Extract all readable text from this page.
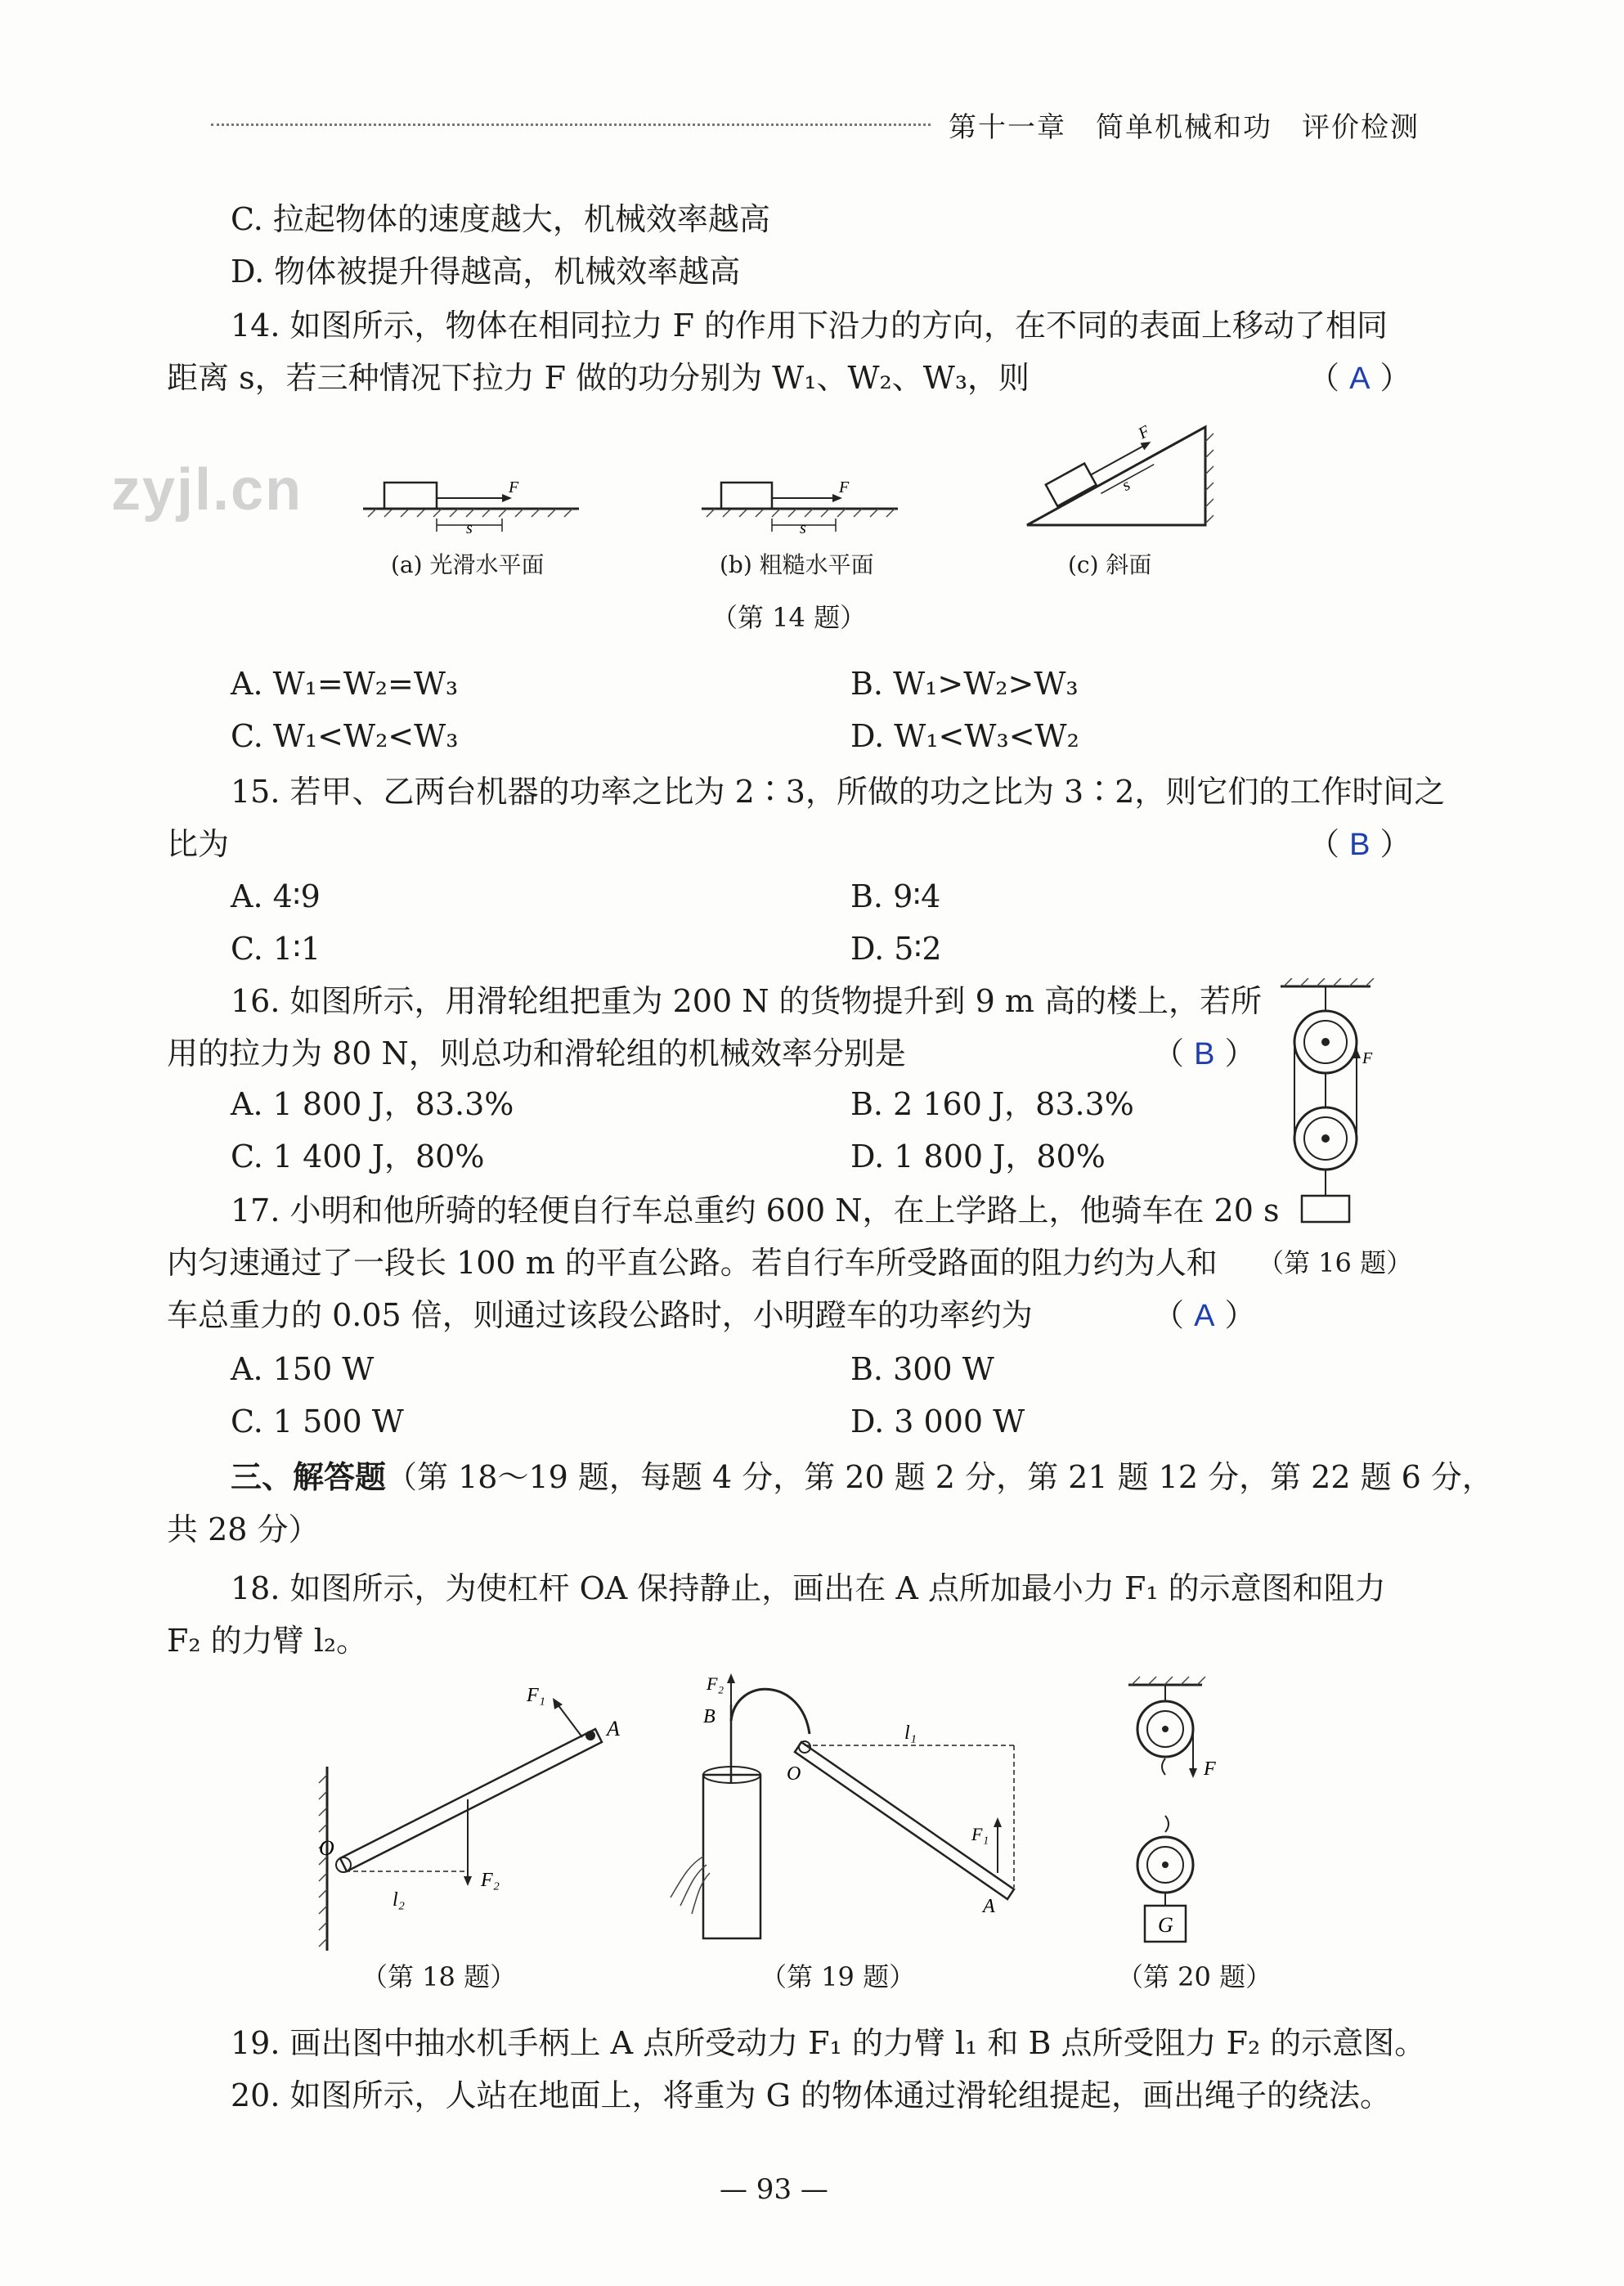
第十一章　简单机械和功　评价检测
zyjl.cn
C. 拉起物体的速度越大，机械效率越高
D. 物体被提升得越高，机械效率越高
14. 如图所示，物体在相同拉力 F 的作用下沿力的方向，在不同的表面上移动了相同
距离 s，若三种情况下拉力 F 做的功分别为 W₁、W₂、W₃，则	（ A ）
F
s
F
s
F
s
(a) 光滑水平面	(b) 粗糙水平面	(c) 斜面
（第 14 题）
A. W₁=W₂=W₃	B. W₁>W₂>W₃
C. W₁<W₂<W₃	D. W₁<W₃<W₂
15. 若甲、乙两台机器的功率之比为 2∶3，所做的功之比为 3∶2，则它们的工作时间之
比为	（ B ）
A. 4∶9	B. 9∶4
C. 1∶1	D. 5∶2
16. 如图所示，用滑轮组把重为 200 N 的货物提升到 9 m 高的楼上，若所
用的拉力为 80 N，则总功和滑轮组的机械效率分别是	（ B ）
A. 1 800 J，83.3%	B. 2 160 J，83.3%
C. 1 400 J，80%	D. 1 800 J，80%
F
17. 小明和他所骑的轻便自行车总重约 600 N，在上学路上，他骑车在 20 s
内匀速通过了一段长 100 m 的平直公路。若自行车所受路面的阻力约为人和 （第 16 题）
车总重力的 0.05 倍，则通过该段公路时，小明蹬车的功率约为	（ A ）
A. 150 W	B. 300 W
C. 1 500 W	D. 3 000 W
三、解答题（第 18～19 题，每题 4 分，第 20 题 2 分，第 21 题 12 分，第 22 题 6 分，
共 28 分）
18. 如图所示，为使杠杆 OA 保持静止，画出在 A 点所加最小力 F₁ 的示意图和阻力
F₂ 的力臂 l₂。
O
A
F₁
F₂
l₂
F₂
B
O
A
F₁
l₁
F
G
（第 18 题）	（第 19 题）	（第 20 题）
19. 画出图中抽水机手柄上 A 点所受动力 F₁ 的力臂 l₁ 和 B 点所受阻力 F₂ 的示意图。
20. 如图所示，人站在地面上，将重为 G 的物体通过滑轮组提起，画出绳子的绕法。
— 93 —
